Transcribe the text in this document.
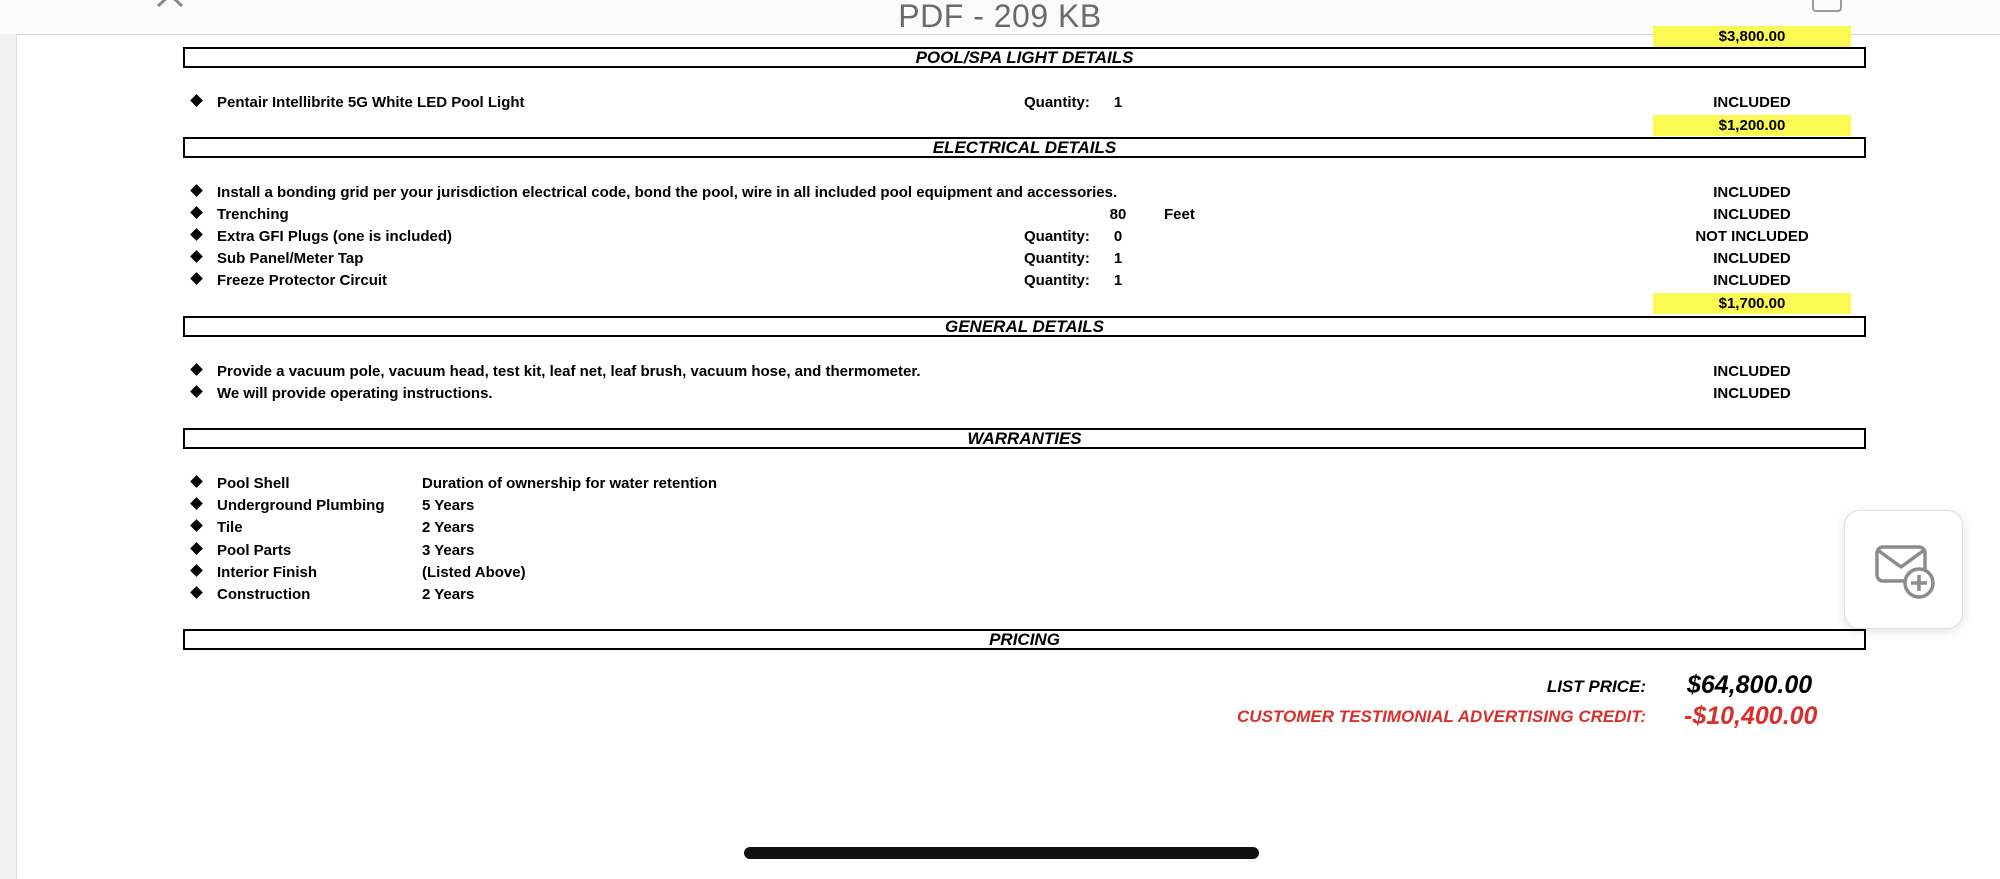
PDF - 209 KB
$3,800.00
POOL/SPA LIGHT DETAILS
Pentair Intellibrite 5G White LED Pool Light	Quantity:	1	INCLUDED
$1,200.00
ELECTRICAL DETAILS
Install a bonding grid per your jurisdiction electrical code, bond the pool, wire in all included pool equipment and accessories.	INCLUDED
Trenching	80	Feet	INCLUDED
Extra GFI Plugs (one is included)	Quantity:	0	NOT INCLUDED
Sub Panel/Meter Tap	Quantity:	1	INCLUDED
Freeze Protector Circuit	Quantity:	1	INCLUDED
$1,700.00
GENERAL DETAILS
Provide a vacuum pole, vacuum head, test kit, leaf net, leaf brush, vacuum hose, and thermometer.	INCLUDED
We will provide operating instructions.	INCLUDED
WARRANTIES
Pool Shell	Duration of ownership for water retention
Underground Plumbing	5 Years
Tile	2 Years
Pool Parts	3 Years
Interior Finish	(Listed Above)
Construction	2 Years
PRICING
LIST PRICE: $64,800.00
CUSTOMER TESTIMONIAL ADVERTISING CREDIT: -$10,400.00
